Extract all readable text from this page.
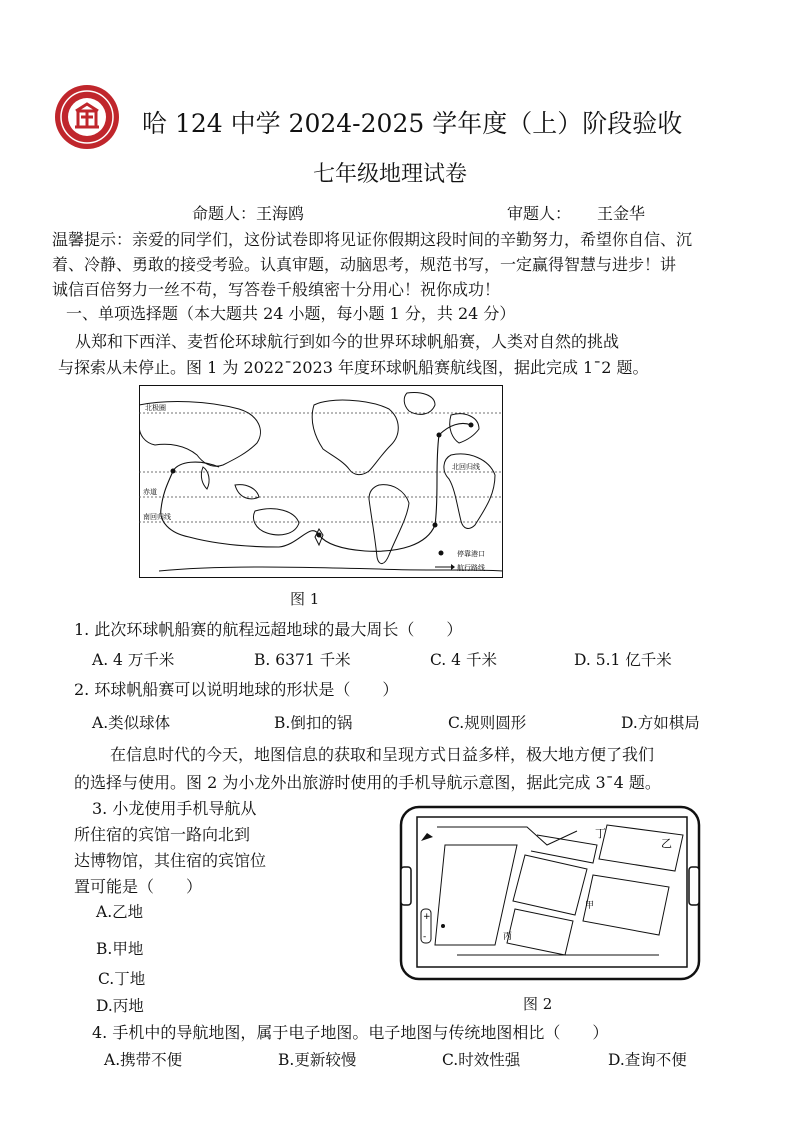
哈 124 中学 2024-2025 学年度（上）阶段验收
七年级地理试卷
命题人：王海鸥	审题人： 王金华
温馨提示：亲爱的同学们，这份试卷即将见证你假期这段时间的辛勤努力，希望你自信、沉
着、冷静、勇敢的接受考验。认真审题，动脑思考，规范书写，一定赢得智慧与进步！讲
诚信百倍努力一丝不苟，写答卷千般缜密十分用心！祝你成功！
一、单项选择题（本大题共 24 小题，每小题 1 分，共 24 分）
从郑和下西洋、麦哲伦环球航行到如今的世界环球帆船赛，人类对自然的挑战
与探索从未停止。图 1 为 2022¯2023 年度环球帆船赛航线图，据此完成 1¯2 题。
北极圈
北回归线
赤道
南回归线
停靠港口
航行路线
图 1
1. 此次环球帆船赛的航程远超地球的最大周长（　　）
A. 4 万千米	B. 6371 千米	C. 4 千米	D. 5.1 亿千米
2. 环球帆船赛可以说明地球的形状是（　　）
A.类似球体	B.倒扣的锅	C.规则圆形	D.方如棋局
在信息时代的今天，地图信息的获取和呈现方式日益多样，极大地方便了我们
的选择与使用。图 2 为小龙外出旅游时使用的手机导航示意图，据此完成 3¯4 题。
3. 小龙使用手机导航从
所住宿的宾馆一路向北到
达博物馆，其住宿的宾馆位
置可能是（　　）
A.乙地
B.甲地
C.丁地
D.丙地
+
-
丁
乙
甲
丙
图 2
4. 手机中的导航地图，属于电子地图。电子地图与传统地图相比（　　）
A.携带不便	B.更新较慢	C.时效性强	D.查询不便
